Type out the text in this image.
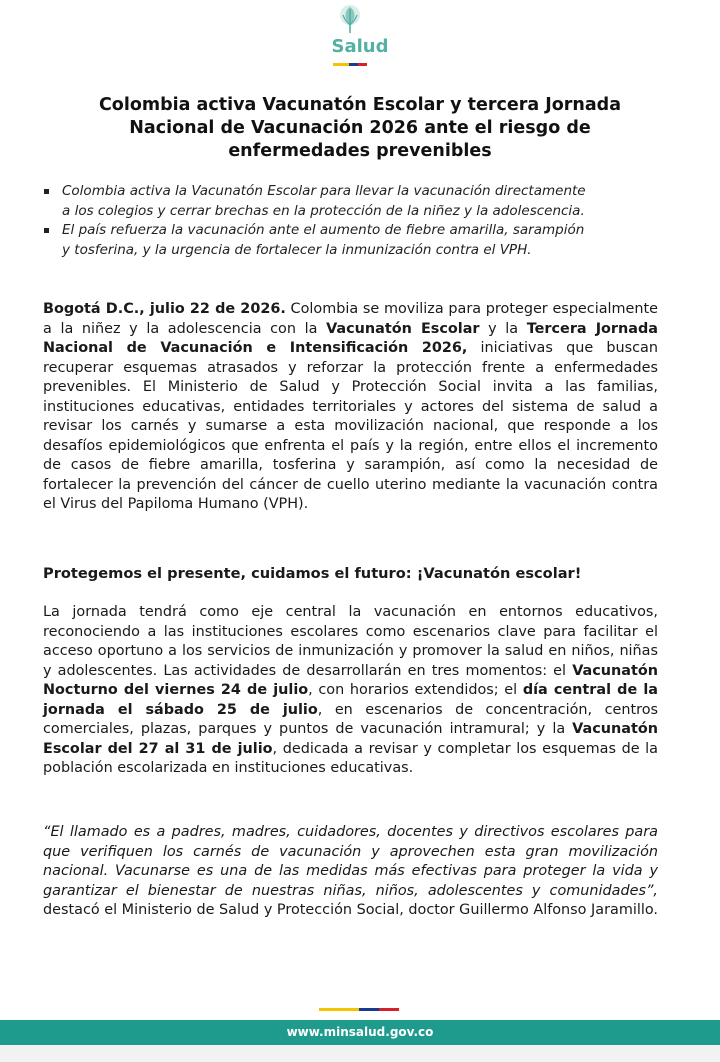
Salud
Colombia activa Vacunatón Escolar y tercera Jornada
Nacional de Vacunación 2026 ante el riesgo de
enfermedades prevenibles
Colombia activa la Vacunatón Escolar para llevar la vacunación directamente
a los colegios y cerrar brechas en la protección de la niñez y la adolescencia.
El país refuerza la vacunación ante el aumento de fiebre amarilla, sarampión
y tosferina, y la urgencia de fortalecer la inmunización contra el VPH.
Bogotá D.C., julio 22 de 2026. Colombia se moviliza para proteger especialmente a la niñez y la adolescencia con la Vacunatón Escolar y la Tercera Jornada Nacional de Vacunación e Intensificación 2026, iniciativas que buscan recuperar esquemas atrasados y reforzar la protección frente a enfermedades prevenibles. El Ministerio de Salud y Protección Social invita a las familias, instituciones educativas, entidades territoriales y actores del sistema de salud a revisar los carnés y sumarse a esta movilización nacional, que responde a los desafíos epidemiológicos que enfrenta el país y la región, entre ellos el incremento de casos de fiebre amarilla, tosferina y sarampión, así como la necesidad de fortalecer la prevención del cáncer de cuello uterino mediante la vacunación contra el Virus del Papiloma Humano (VPH).
Protegemos el presente, cuidamos el futuro: ¡Vacunatón escolar!
La jornada tendrá como eje central la vacunación en entornos educativos, reconociendo a las instituciones escolares como escenarios clave para facilitar el acceso oportuno a los servicios de inmunización y promover la salud en niños, niñas y adolescentes. Las actividades de desarrollarán en tres momentos: el Vacunatón Nocturno del viernes 24 de julio, con horarios extendidos; el día central de la jornada el sábado 25 de julio, en escenarios de concentración, centros comerciales, plazas, parques y puntos de vacunación intramural; y la Vacunatón Escolar del 27 al 31 de julio, dedicada a revisar y completar los esquemas de la población escolarizada en instituciones educativas.
“El llamado es a padres, madres, cuidadores, docentes y directivos escolares para que verifiquen los carnés de vacunación y aprovechen esta gran movilización nacional. Vacunarse es una de las medidas más efectivas para proteger la vida y garantizar el bienestar de nuestras niñas, niños, adolescentes y comunidades”, destacó el Ministerio de Salud y Protección Social, doctor Guillermo Alfonso Jaramillo.
www.minsalud.gov.co
